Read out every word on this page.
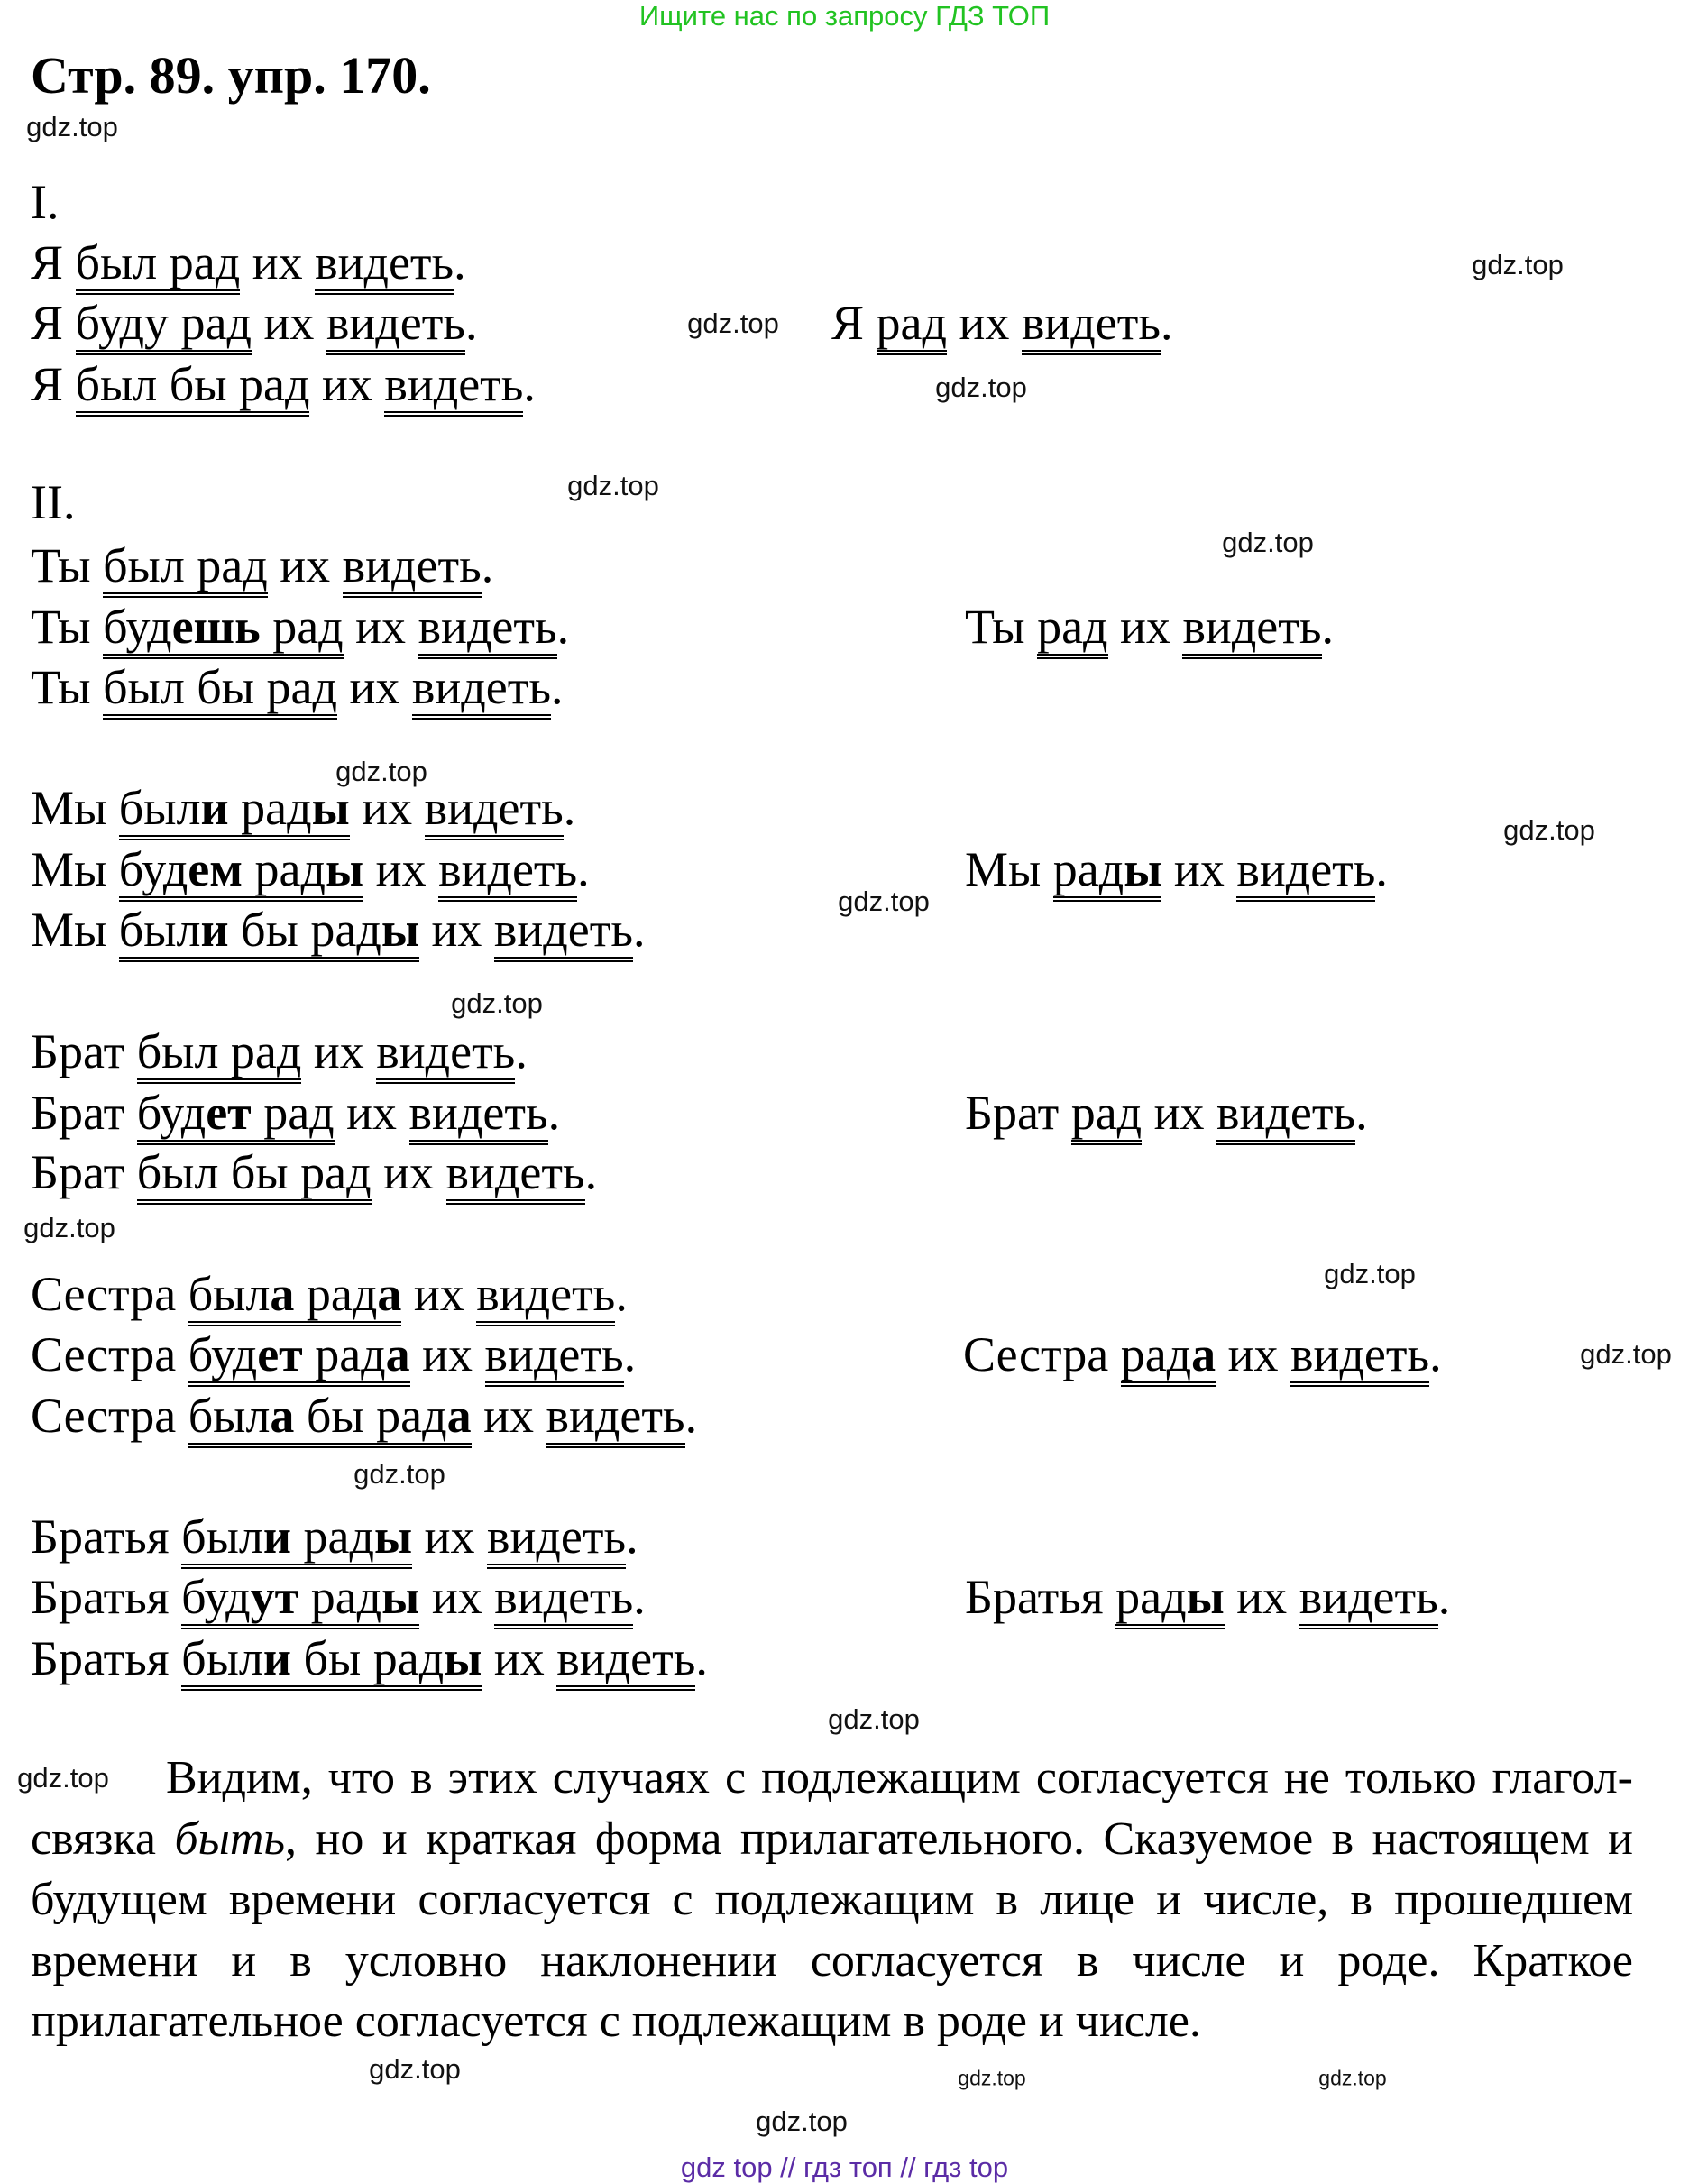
Ищите нас по запросу ГДЗ ТОП
Стр. 89. упр. 170.
I.
II.
Я был рад их видеть.
Я буду рад их видеть.
Я был бы рад их видеть.
Я рад их видеть.
Ты был рад их видеть.
Ты будешь рад их видеть.
Ты был бы рад их видеть.
Ты рад их видеть.
Мы были рады их видеть.
Мы будем рады их видеть.
Мы были бы рады их видеть.
Мы рады их видеть.
Брат был рад их видеть.
Брат будет рад их видеть.
Брат был бы рад их видеть.
Брат рад их видеть.
Сестра была рада их видеть.
Сестра будет рада их видеть.
Сестра была бы рада их видеть.
Сестра рада их видеть.
Братья были рады их видеть.
Братья будут рады их видеть.
Братья были бы рады их видеть.
Братья рады их видеть.
Видим, что в этих случаях с подлежащим согласуется не только глагол-связка быть, но и краткая форма прилагательного. Сказуемое в настоящем и будущем времени согласуется с подлежащим в лице и числе, в прошедшем времени и в условно наклонении согласуется в числе и роде. Краткое прилагательное согласуется с подлежащим в роде и числе.
gdz.top
gdz.top
gdz.top
gdz.top
gdz.top
gdz.top
gdz.top
gdz.top
gdz.top
gdz.top
gdz.top
gdz.top
gdz.top
gdz.top
gdz.top
gdz.top
gdz.top	gdz.top
gdz.top
gdz.top
gdz top // гдз топ // гдз top
